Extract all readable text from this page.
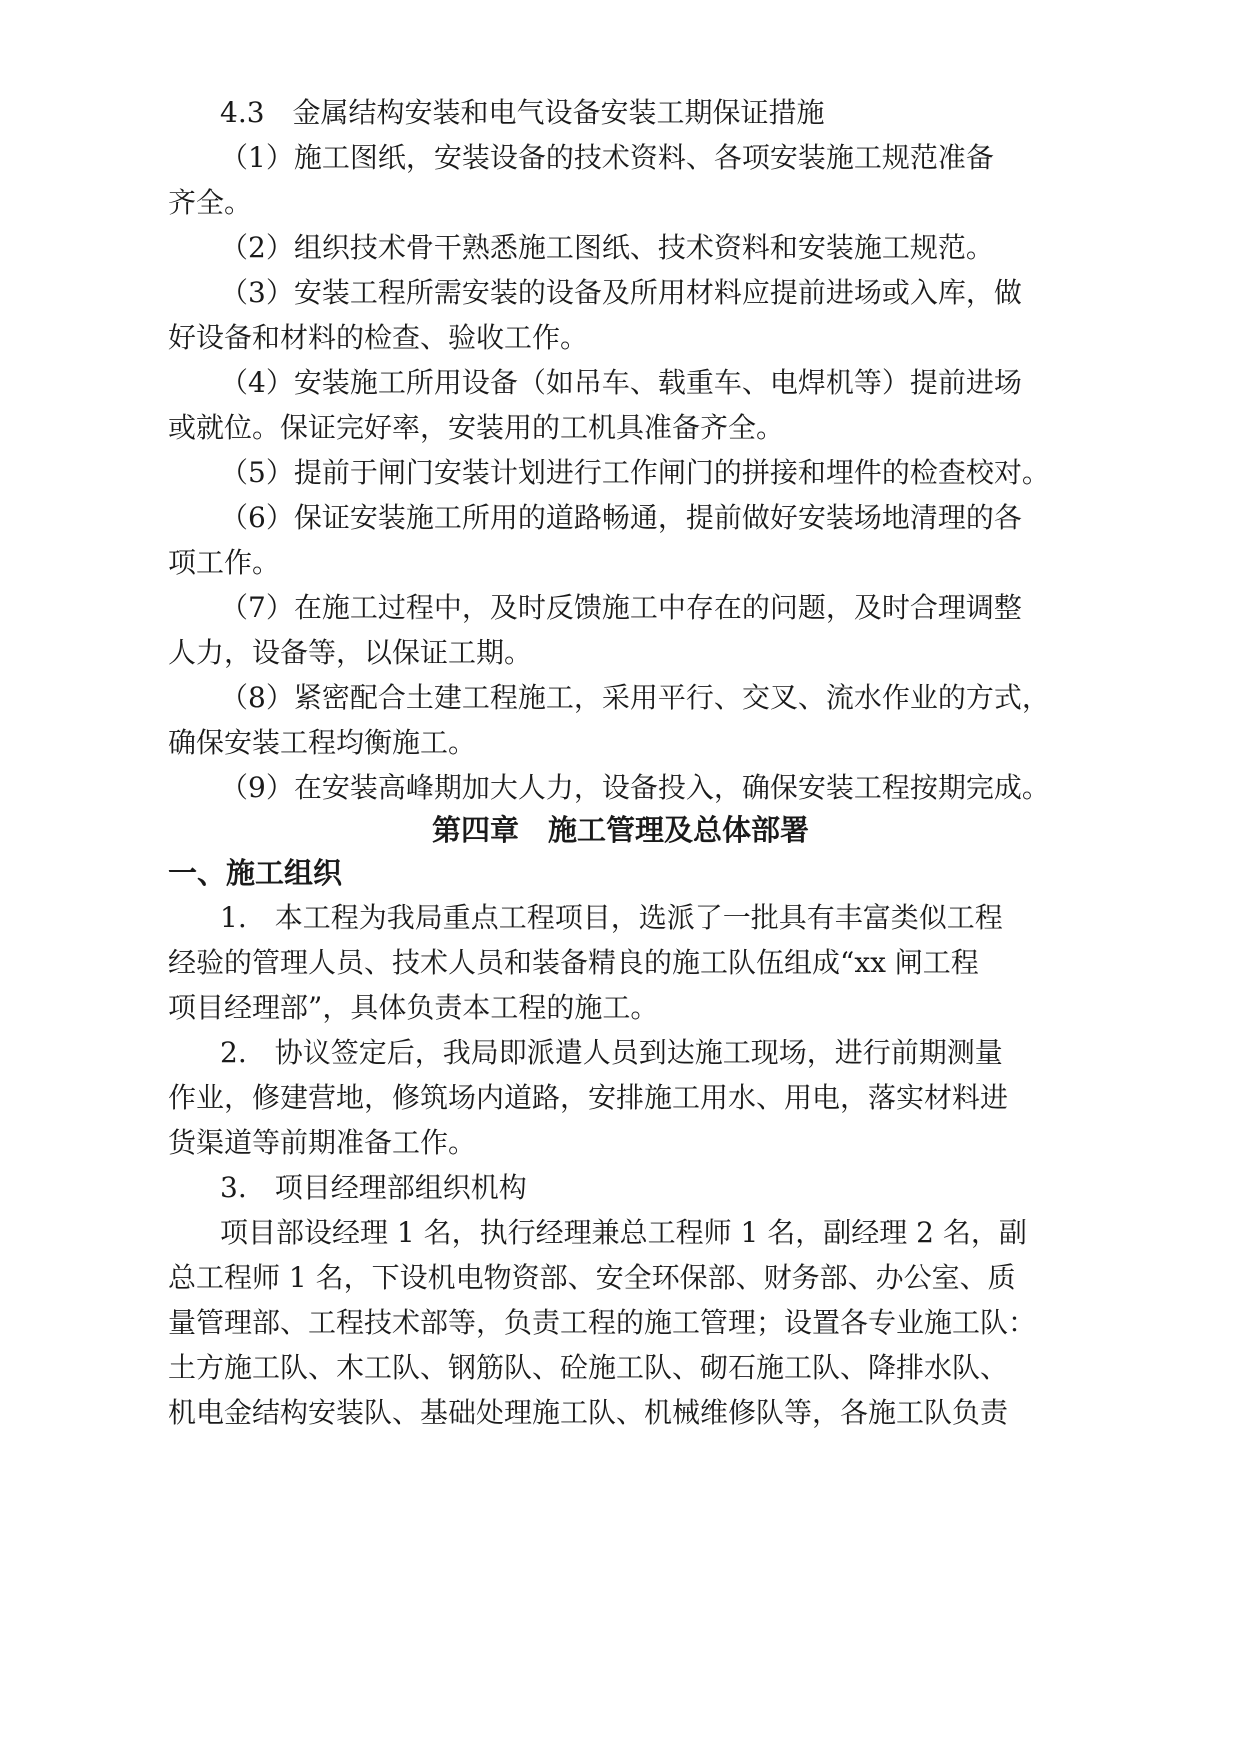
4.3　金属结构安装和电气设备安装工期保证措施
（1）施工图纸，安装设备的技术资料、各项安装施工规范准备
齐全。
（2）组织技术骨干熟悉施工图纸、技术资料和安装施工规范。
（3）安装工程所需安装的设备及所用材料应提前进场或入库，做
好设备和材料的检查、验收工作。
（4）安装施工所用设备（如吊车、载重车、电焊机等）提前进场
或就位。保证完好率，安装用的工机具准备齐全。
（5）提前于闸门安装计划进行工作闸门的拼接和埋件的检查校对。
（6）保证安装施工所用的道路畅通，提前做好安装场地清理的各
项工作。
（7）在施工过程中，及时反馈施工中存在的问题，及时合理调整
人力，设备等，以保证工期。
（8）紧密配合土建工程施工，采用平行、交叉、流水作业的方式，
确保安装工程均衡施工。
（9）在安装高峰期加大人力，设备投入，确保安装工程按期完成。
第四章　施工管理及总体部署
一、施工组织
1.　本工程为我局重点工程项目，选派了一批具有丰富类似工程
经验的管理人员、技术人员和装备精良的施工队伍组成“xx 闸工程
项目经理部”，具体负责本工程的施工。
2.　协议签定后，我局即派遣人员到达施工现场，进行前期测量
作业，修建营地，修筑场内道路，安排施工用水、用电，落实材料进
货渠道等前期准备工作。
3.　项目经理部组织机构
项目部设经理 1 名，执行经理兼总工程师 1 名，副经理 2 名，副
总工程师 1 名，下设机电物资部、安全环保部、财务部、办公室、质
量管理部、工程技术部等，负责工程的施工管理；设置各专业施工队：
土方施工队、木工队、钢筋队、砼施工队、砌石施工队、降排水队、
机电金结构安装队、基础处理施工队、机械维修队等，各施工队负责
